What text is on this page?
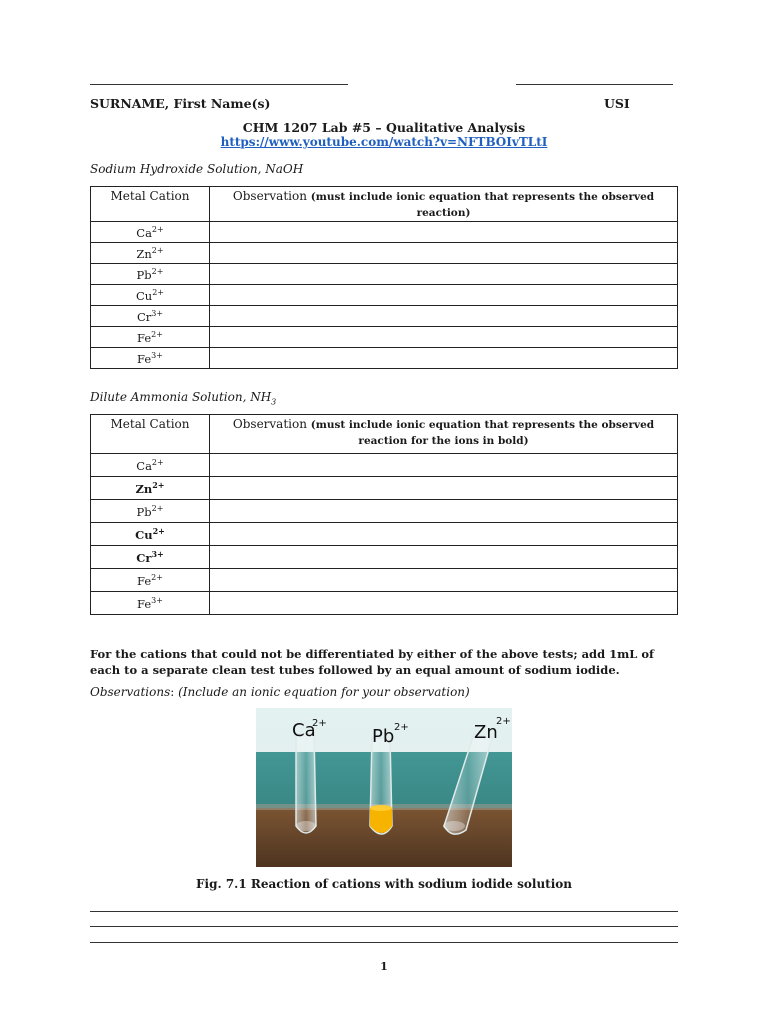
SURNAME, First Name(s)	USI
CHM 1207 Lab #5 – Qualitative Analysis
https://www.youtube.com/watch?v=NFTBOIvTLtI
Sodium Hydroxide Solution, NaOH
Metal Cation	Observation (must include ionic equation that represents the observed reaction)
$Ca^{2+}$	
$Zn^{2+}$	
$Pb^{2+}$	
$Cu^{2+}$	
$Cr^{3+}$	
$Fe^{2+}$	
$Fe^{3+}$	
Dilute Ammonia Solution, $NH_3$
Metal Cation	Observation (must include ionic equation that represents the observed reaction for the ions in bold)
$Ca^{2+}$	
$Zn^{2+}$	
$Pb^{2+}$	
$Cu^{2+}$	
$Cr^{3+}$	
$Fe^{2+}$	
$Fe^{3+}$	
For the cations that could not be differentiated by either of the above tests; add 1mL of
each to a separate clean test tubes followed by an equal amount of sodium iodide.
Observations: (Include an ionic equation for your observation)
Ca
2+
Pb 2+	Zn
2+
Fig. 7.1 Reaction of cations with sodium iodide solution
1
